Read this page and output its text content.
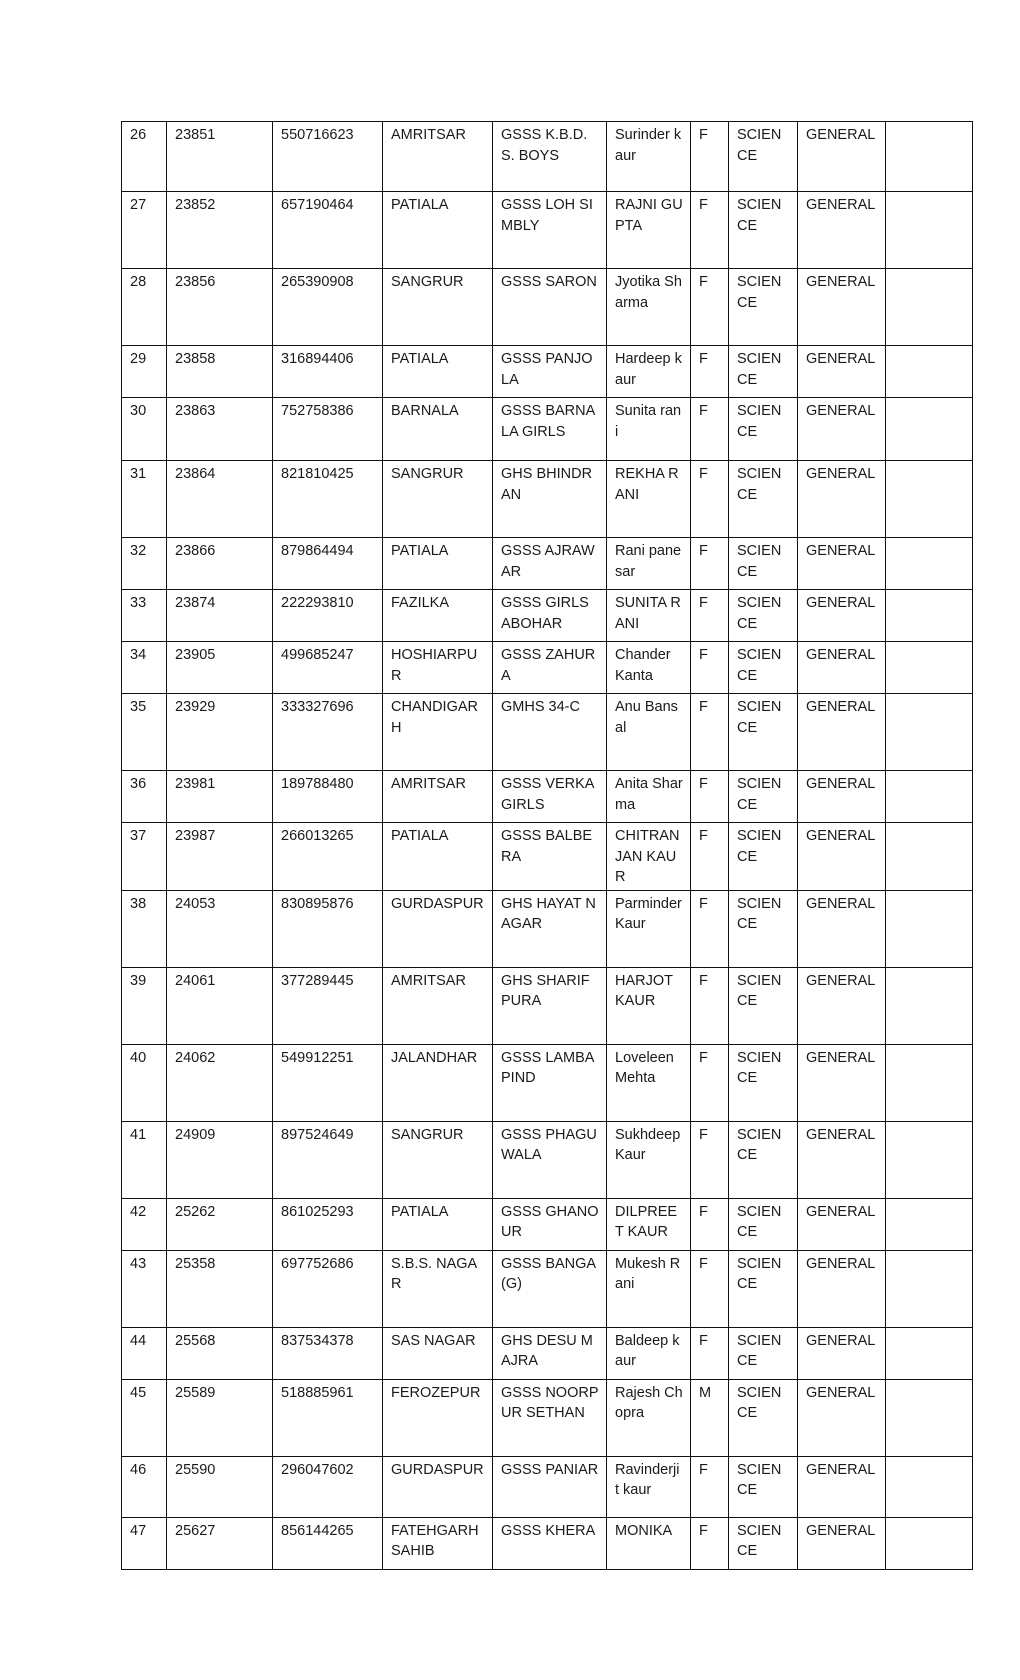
26	23851	550716623	AMRITSAR	GSSS K.B.D.S. BOYS	Surinder kaur	F	SCIENCE	GENERAL	
27	23852	657190464	PATIALA	GSSS LOH SIMBLY	RAJNI GUPTA	F	SCIENCE	GENERAL	
28	23856	265390908	SANGRUR	GSSS SARON	Jyotika Sharma	F	SCIENCE	GENERAL	
29	23858	316894406	PATIALA	GSSS PANJOLA	Hardeep kaur	F	SCIENCE	GENERAL	
30	23863	752758386	BARNALA	GSSS BARNALA GIRLS	Sunita rani	F	SCIENCE	GENERAL	
31	23864	821810425	SANGRUR	GHS BHINDRAN	REKHA RANI	F	SCIENCE	GENERAL	
32	23866	879864494	PATIALA	GSSS AJRAWAR	Rani panesar	F	SCIENCE	GENERAL	
33	23874	222293810	FAZILKA	GSSS GIRLS ABOHAR	SUNITA RANI	F	SCIENCE	GENERAL	
34	23905	499685247	HOSHIARPUR	GSSS ZAHURA	Chander Kanta	F	SCIENCE	GENERAL	
35	23929	333327696	CHANDIGARH	GMHS 34-C	Anu Bansal	F	SCIENCE	GENERAL	
36	23981	189788480	AMRITSAR	GSSS VERKA GIRLS	Anita Sharma	F	SCIENCE	GENERAL	
37	23987	266013265	PATIALA	GSSS BALBERA	CHITRANJAN KAUR	F	SCIENCE	GENERAL	
38	24053	830895876	GURDASPUR	GHS HAYAT NAGAR	Parminder Kaur	F	SCIENCE	GENERAL	
39	24061	377289445	AMRITSAR	GHS SHARIFPURA	HARJOT KAUR	F	SCIENCE	GENERAL	
40	24062	549912251	JALANDHAR	GSSS LAMBA PIND	Loveleen Mehta	F	SCIENCE	GENERAL	
41	24909	897524649	SANGRUR	GSSS PHAGUWALA	Sukhdeep Kaur	F	SCIENCE	GENERAL	
42	25262	861025293	PATIALA	GSSS GHANOUR	DILPREET KAUR	F	SCIENCE	GENERAL	
43	25358	697752686	S.B.S. NAGAR	GSSS BANGA (G)	Mukesh Rani	F	SCIENCE	GENERAL	
44	25568	837534378	SAS NAGAR	GHS DESU MAJRA	Baldeep kaur	F	SCIENCE	GENERAL	
45	25589	518885961	FEROZEPUR	GSSS NOORPUR SETHAN	Rajesh Chopra	M	SCIENCE	GENERAL	
46	25590	296047602	GURDASPUR	GSSS PANIAR	Ravinderjit kaur	F	SCIENCE	GENERAL	
47	25627	856144265	FATEHGARH SAHIB	GSSS KHERA	MONIKA	F	SCIENCE	GENERAL	
